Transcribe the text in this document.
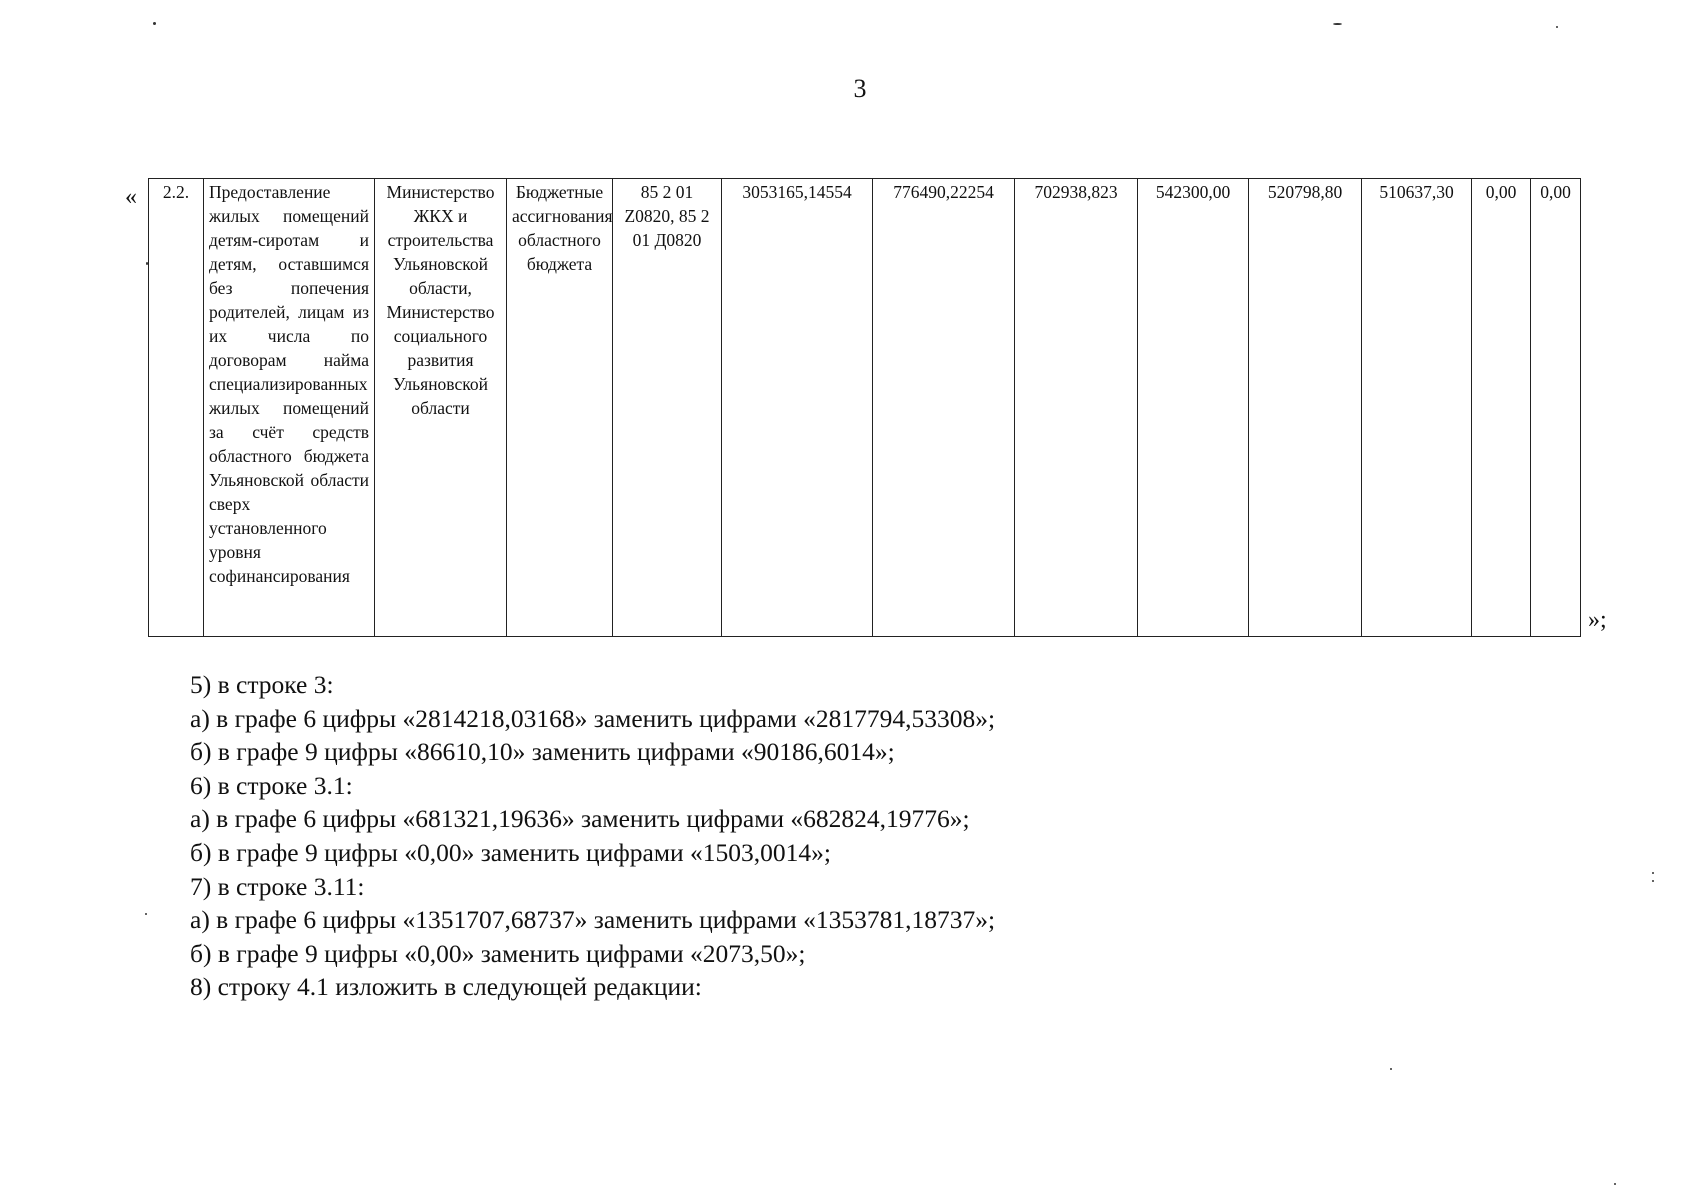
3
« 2.2.	Предоставление жилых помещений детям-сиротам и детям, оставшимся без попечения родителей, лицам из их числа по договорам найма специализированных жилых помещений за счёт средств областного бюджета Ульяновской области сверх установленного уровня софинансирования	Министерство ЖКХ и строительства Ульяновской области, Министерство социального развития Ульяновской области	Бюджетные ассигнования областного бюджета	85 2 01 Z0820, 85 2 01 Д0820	3053165,14554	776490,22254	702938,823	542300,00	520798,80	510637,30	0,00	0,00
»;

5) в строке 3:

а) в графе 6 цифры «2814218,03168» заменить цифрами «2817794,53308»;

б) в графе 9 цифры «86610,10» заменить цифрами «90186,6014»;

6) в строке 3.1:

а) в графе 6 цифры «681321,19636» заменить цифрами «682824,19776»;

б) в графе 9 цифры «0,00» заменить цифрами «1503,0014»;

7) в строке 3.11:

а) в графе 6 цифры «1351707,68737» заменить цифрами «1353781,18737»;

б) в графе 9 цифры «0,00» заменить цифрами «2073,50»;

8) строку 4.1 изложить в следующей редакции:
